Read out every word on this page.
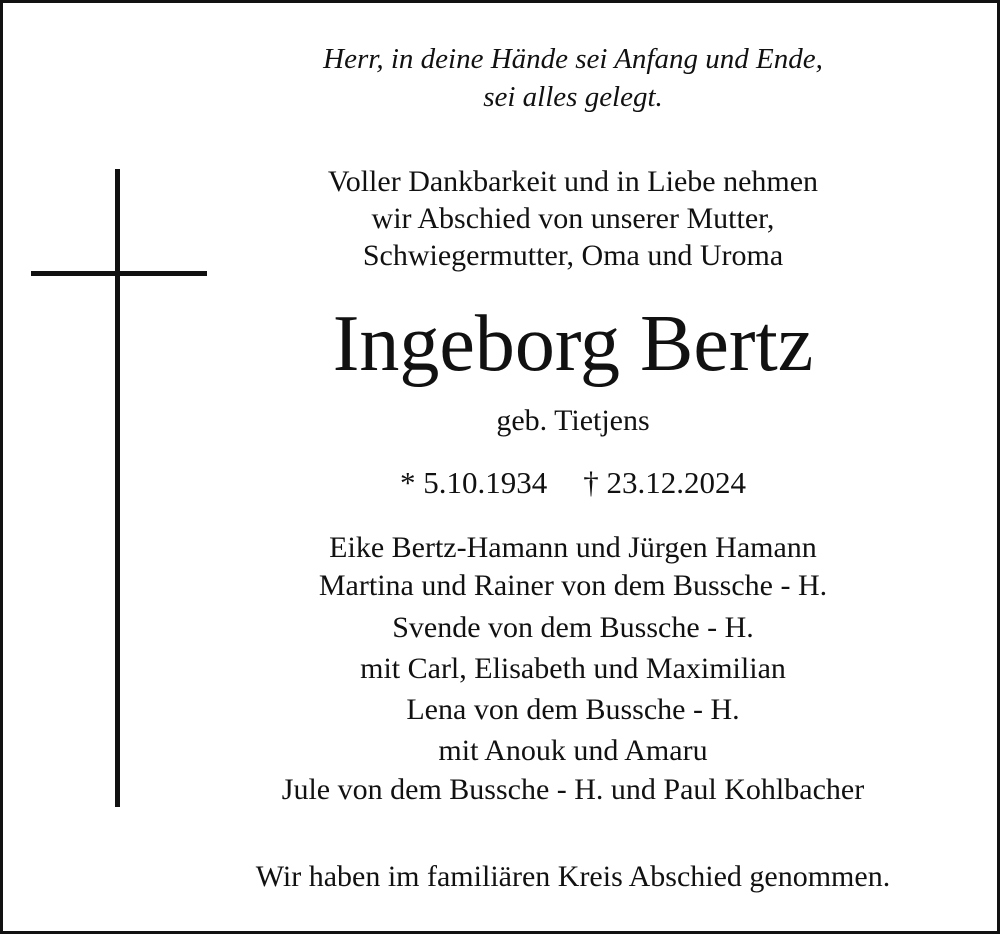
Herr, in deine Hände sei Anfang und Ende,
sei alles gelegt.
Voller Dankbarkeit und in Liebe nehmen
wir Abschied von unserer Mutter,
Schwiegermutter, Oma und Uroma
Ingeborg Bertz
geb. Tietjens
* 5.10.1934 † 23.12.2024
Eike Bertz-Hamann und Jürgen Hamann
Martina und Rainer von dem Bussche - H.
Svende von dem Bussche - H.
mit Carl, Elisabeth und Maximilian
Lena von dem Bussche - H.
mit Anouk und Amaru
Jule von dem Bussche - H. und Paul Kohlbacher
Wir haben im familiären Kreis Abschied genommen.
